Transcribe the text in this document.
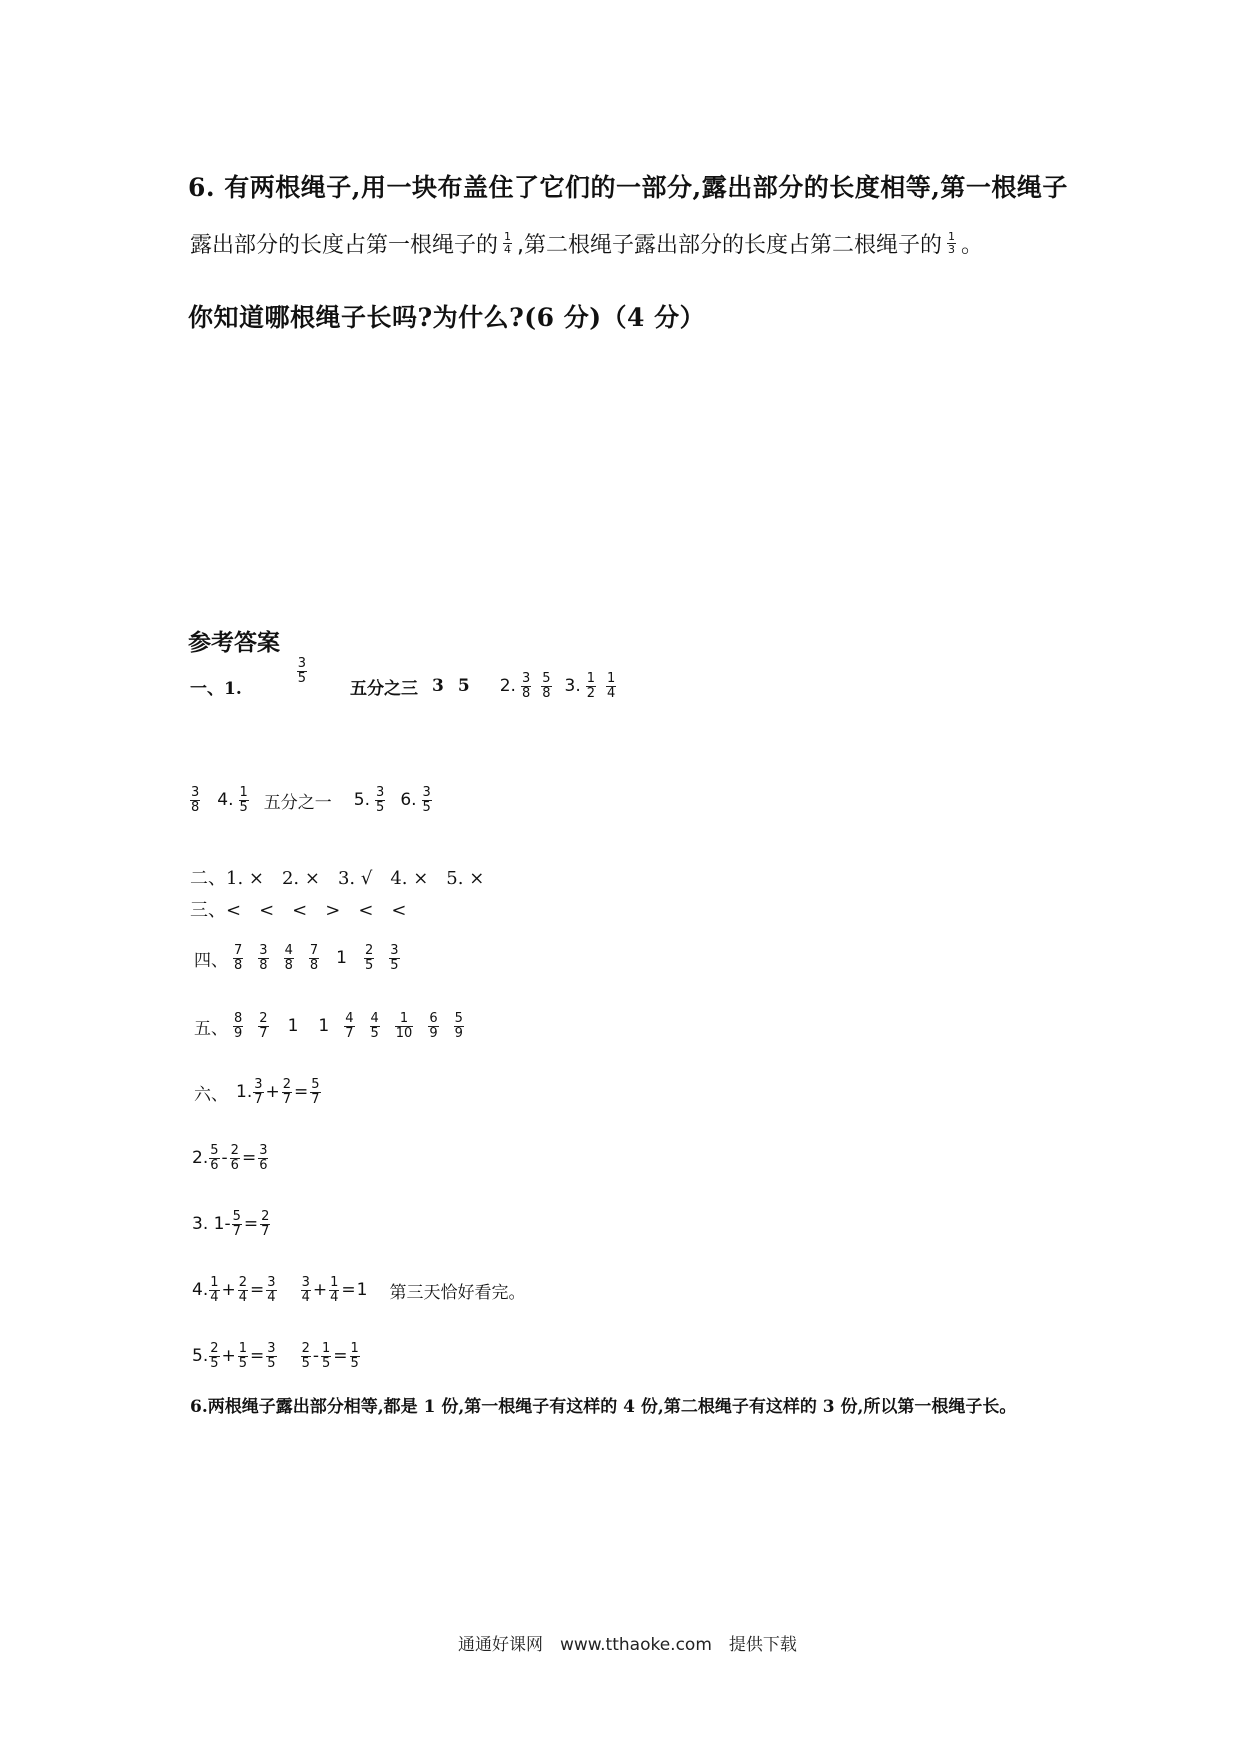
6. 有两根绳子,用一块布盖住了它们的一部分,露出部分的长度相等,第一根绳子
露出部分的长度占第一根绳子的 $\frac{1}{4}$ ,第二根绳子露出部分的长度占第二根绳子的 $\frac{1}{3}$ 。
你知道哪根绳子长吗?为什么?(6 分)（4 分）
参考答案
一、1.
$\frac{3}{5}$
五分之三 3 5 2. $\frac{3}{8} \frac{5}{8} 3$. $\frac{1}{2} \frac{1}{4}$
$\frac{3}{8} 4$. $\frac{1}{5}$ 五分之一 5. $\frac{3}{5} 6$. $\frac{3}{5}$
二、1. ×　2. ×　3. √　4. ×　5. ×
三、<　<　<　>　<　<
四、 $\frac{7}{8} \frac{3}{8} \frac{4}{8} \frac{7}{8} 1 \frac{2}{5} \frac{3}{5}$
五、 $\frac{8}{9} \frac{2}{7} 1$ $1 \frac{4}{7} \frac{4}{5} \frac{1}{10} \frac{6}{9} \frac{5}{9}$
六、 1. $\frac{3}{7} + \frac{2}{7} = \frac{5}{7}$
2. $\frac{5}{6} - \frac{2}{6} = \frac{3}{6}$
3. $1- \frac{5}{7} = \frac{2}{7}$
4. $\frac{1}{4} + \frac{2}{4} = \frac{3}{4} \frac{3}{4} + \frac{1}{4} = 1$ 第三天恰好看完。
5. $\frac{2}{5} + \frac{1}{5} = \frac{3}{5} \frac{2}{5} - \frac{1}{5} = \frac{1}{5}$
6.两根绳子露出部分相等,都是 1 份,第一根绳子有这样的 4 份,第二根绳子有这样的 3 份,所以第一根绳子长。
通通好课网　www.tthaoke.com　提供下载
